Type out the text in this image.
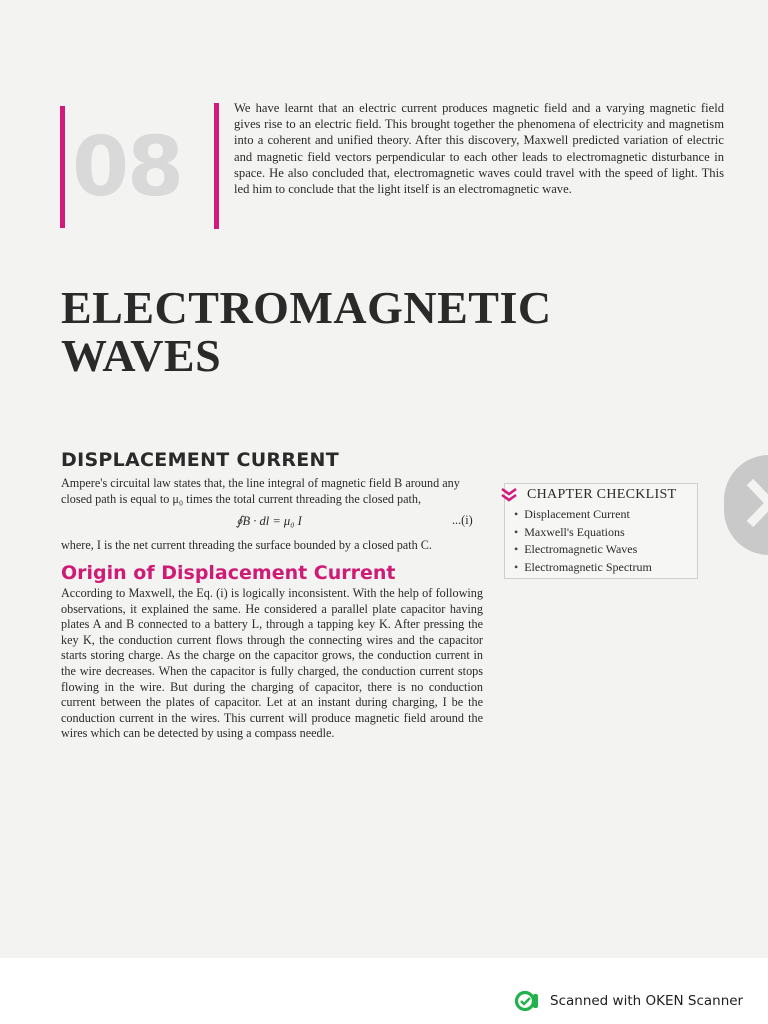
08

We have learnt that an electric current produces magnetic field and a varying magnetic field gives rise to an electric field. This brought together the phenomena of electricity and magnetism into a coherent and unified theory. After this discovery, Maxwell predicted variation of electric and magnetic field vectors perpendicular to each other leads to electromagnetic disturbance in space. He also concluded that, electromagnetic waves could travel with the speed of light. This led him to conclude that the light itself is an electromagnetic wave.

ELECTROMAGNETIC
WAVES
DISPLACEMENT CURRENT

Ampere's circuital law states that, the line integral of magnetic field B around any closed path is equal to μ₀ times the total current threading the closed path,

∮B · dl = μ₀ I	...(i)

where, I is the net current threading the surface bounded by a closed path C.

Origin of Displacement Current

According to Maxwell, the Eq. (i) is logically inconsistent. With the help of following observations, it explained the same. He considered a parallel plate capacitor having plates A and B connected to a battery L, through a tapping key K. After pressing the key K, the conduction current flows through the connecting wires and the capacitor starts storing charge. As the charge on the capacitor grows, the conduction current in the wire decreases. When the capacitor is fully charged, the conduction current stops flowing in the wire. But during the charging of capacitor, there is no conduction current between the plates of capacitor. Let at an instant during charging, I be the conduction current in the wires. This current will produce magnetic field around the wires which can be detected by using a compass needle.

CHAPTER CHECKLIST

• Displacement Current
• Maxwell's Equations
• Electromagnetic Waves
• Electromagnetic Spectrum
Scanned with OKEN Scanner
